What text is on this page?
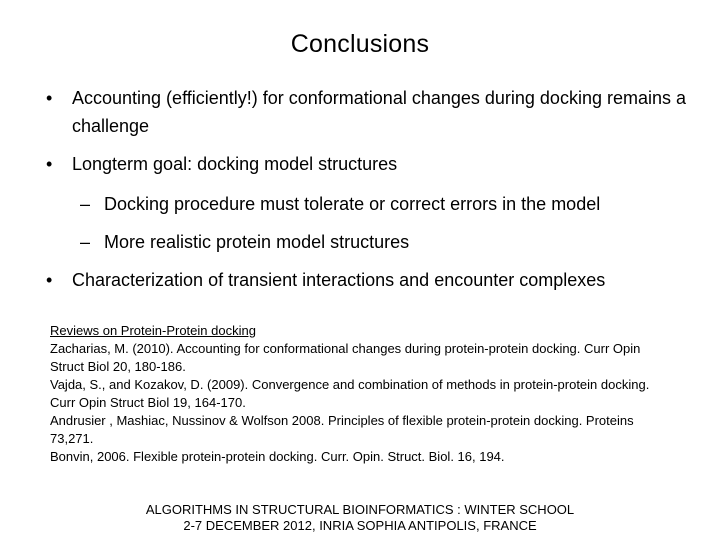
Conclusions
• Accounting (efficiently!) for conformational changes during docking remains a challenge
• Longterm goal: docking model structures
– Docking procedure must tolerate or correct errors in the model
– More realistic protein model structures
• Characterization of transient interactions and encounter complexes
Reviews on Protein-Protein docking
Zacharias, M. (2010). Accounting for conformational changes during protein-protein docking. Curr Opin Struct Biol 20, 180-186.
Vajda, S., and Kozakov, D. (2009). Convergence and combination of methods in protein-protein docking. Curr Opin Struct Biol 19, 164-170.
Andrusier , Mashiac, Nussinov & Wolfson 2008. Principles of flexible protein-protein docking. Proteins 73,271.
Bonvin, 2006. Flexible protein-protein docking. Curr. Opin. Struct. Biol. 16, 194.
ALGORITHMS IN STRUCTURAL BIOINFORMATICS : WINTER SCHOOL
2-7 DECEMBER 2012, INRIA SOPHIA ANTIPOLIS, FRANCE
